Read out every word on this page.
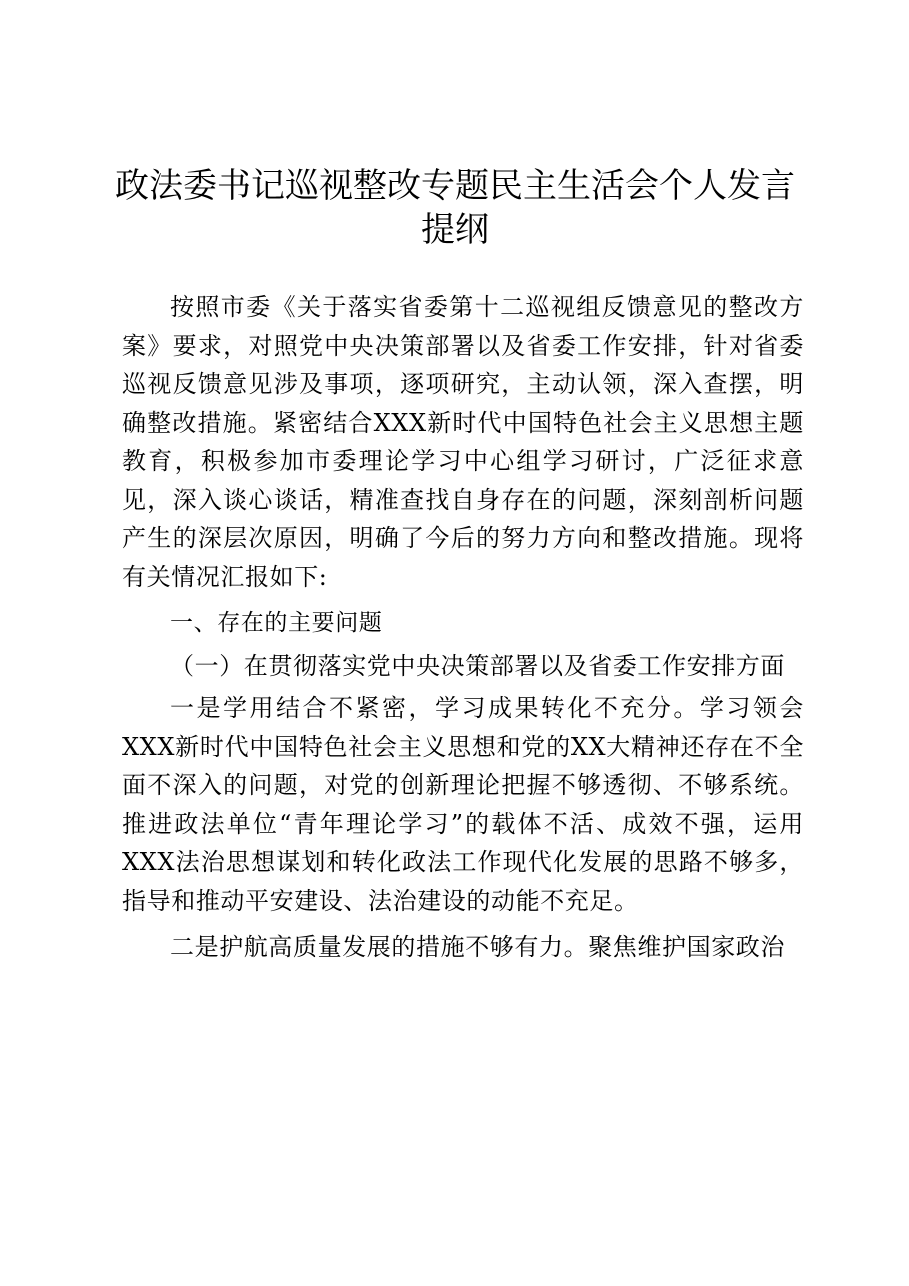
政法委书记巡视整改专题民主生活会个人发言提纲

按照市委《关于落实省委第十二巡视组反馈意见的整改方案》要求，对照党中央决策部署以及省委工作安排，针对省委巡视反馈意见涉及事项，逐项研究，主动认领，深入查摆，明确整改措施。紧密结合XXX新时代中国特色社会主义思想主题教育，积极参加市委理论学习中心组学习研讨，广泛征求意见，深入谈心谈话，精准查找自身存在的问题，深刻剖析问题产生的深层次原因，明确了今后的努力方向和整改措施。现将有关情况汇报如下:

一、存在的主要问题
（一）在贯彻落实党中央决策部署以及省委工作安排方面

一是学用结合不紧密，学习成果转化不充分。学习领会XXX新时代中国特色社会主义思想和党的XX大精神还存在不全面不深入的问题，对党的创新理论把握不够透彻、不够系统。推进政法单位“青年理论学习”的载体不活、成效不强，运用XXX法治思想谋划和转化政法工作现代化发展的思路不够多，指导和推动平安建设、法治建设的动能不充足。

二是护航高质量发展的措施不够有力。聚焦维护国家政治
